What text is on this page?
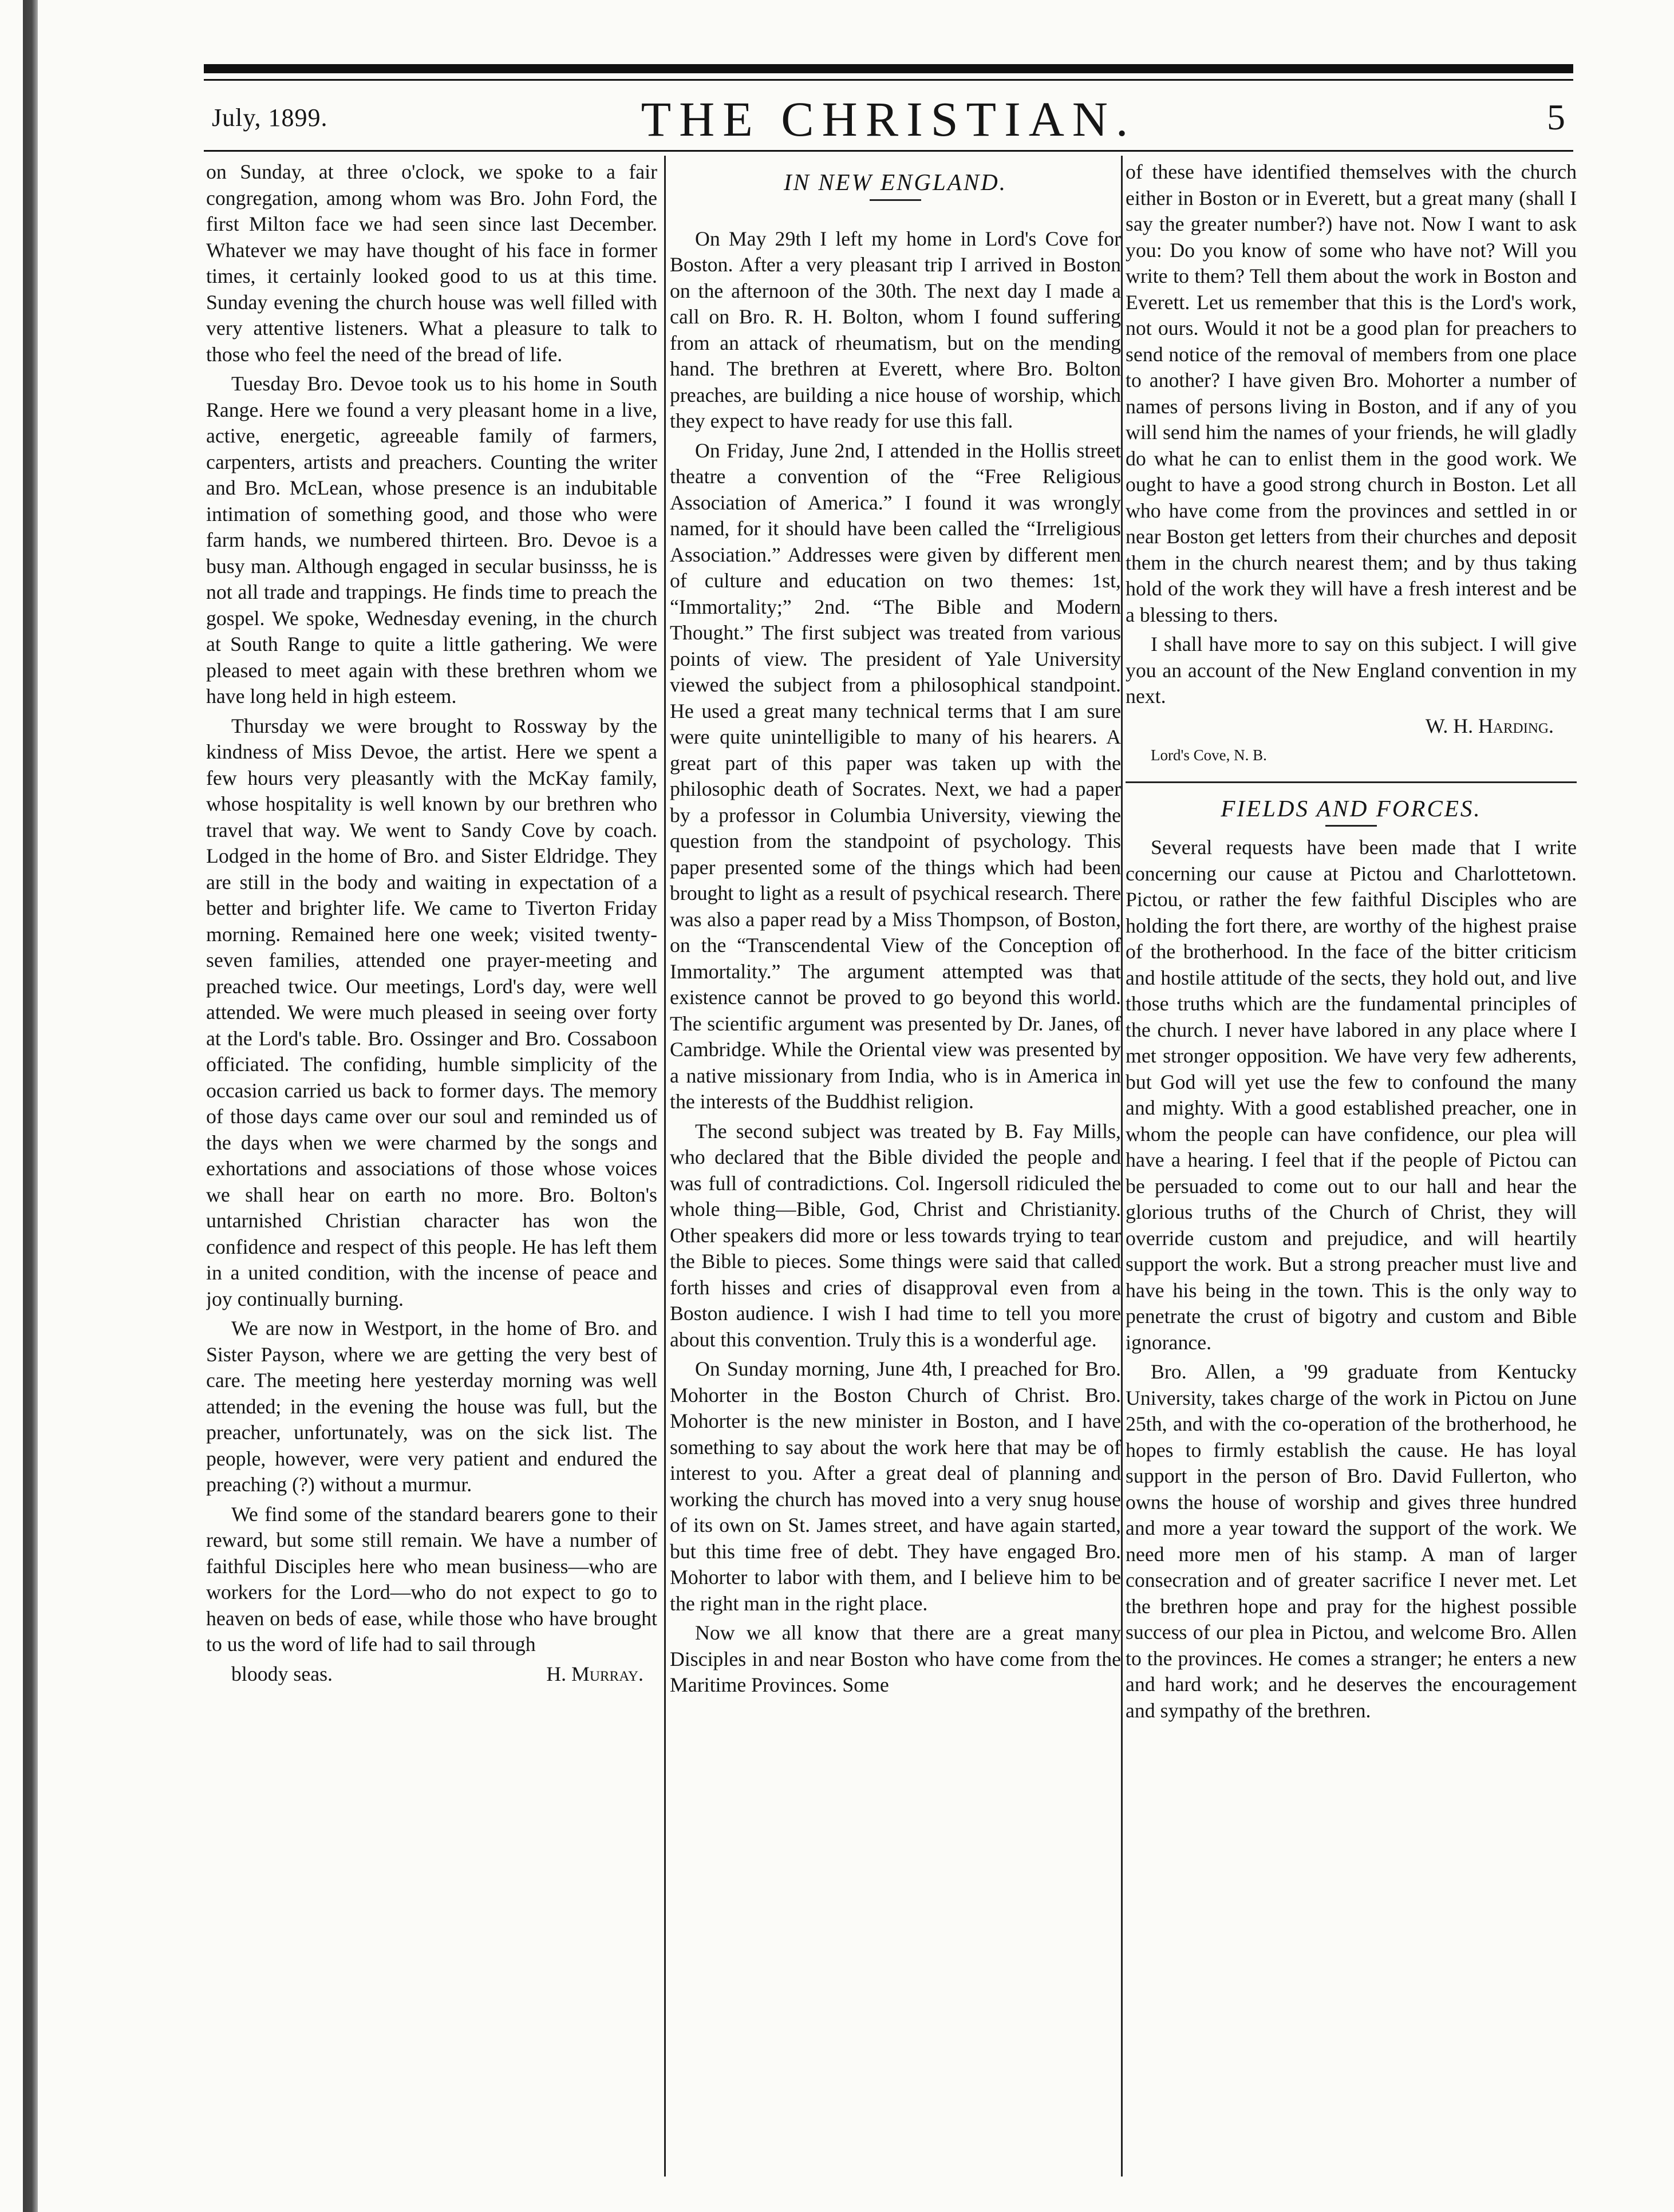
July, 1899.	THE CHRISTIAN.	5

on Sunday, at three o'clock, we spoke to a fair congregation, among whom was Bro. John Ford, the first Milton face we had seen since last December. Whatever we may have thought of his face in former times, it certainly looked good to us at this time. Sunday evening the church house was well filled with very attentive listeners. What a pleasure to talk to those who feel the need of the bread of life.

Tuesday Bro. Devoe took us to his home in South Range. Here we found a very pleasant home in a live, active, energetic, agreeable family of farmers, carpenters, artists and preachers. Counting the writer and Bro. McLean, whose presence is an indubitable intimation of something good, and those who were farm hands, we numbered thirteen. Bro. Devoe is a busy man. Although engaged in secular businsss, he is not all trade and trappings. He finds time to preach the gospel. We spoke, Wednesday evening, in the church at South Range to quite a little gathering. We were pleased to meet again with these brethren whom we have long held in high esteem.

Thursday we were brought to Rossway by the kindness of Miss Devoe, the artist. Here we spent a few hours very pleasantly with the McKay family, whose hospitality is well known by our brethren who travel that way. We went to Sandy Cove by coach. Lodged in the home of Bro. and Sister Eldridge. They are still in the body and waiting in expectation of a better and brighter life. We came to Tiverton Friday morning. Remained here one week; visited twenty-seven families, attended one prayer-meeting and preached twice. Our meetings, Lord's day, were well attended. We were much pleased in seeing over forty at the Lord's table. Bro. Ossinger and Bro. Cossaboon officiated. The confiding, humble simplicity of the occasion carried us back to former days. The memory of those days came over our soul and reminded us of the days when we were charmed by the songs and exhortations and associations of those whose voices we shall hear on earth no more. Bro. Bolton's untarnished Christian character has won the confidence and respect of this people. He has left them in a united condition, with the incense of peace and joy continually burning.

We are now in Westport, in the home of Bro. and Sister Payson, where we are getting the very best of care. The meeting here yesterday morning was well attended; in the evening the house was full, but the preacher, unfortunately, was on the sick list. The people, however, were very patient and endured the preaching (?) without a murmur.

We find some of the standard bearers gone to their reward, but some still remain. We have a number of faithful Disciples here who mean business—who are workers for the Lord—who do not expect to go to heaven on beds of ease, while those who have brought to us the word of life had to sail through

bloody seas.	H. Murray.

IN NEW ENGLAND.

On May 29th I left my home in Lord's Cove for Boston. After a very pleasant trip I arrived in Boston on the afternoon of the 30th. The next day I made a call on Bro. R. H. Bolton, whom I found suffering from an attack of rheumatism, but on the mending hand. The brethren at Everett, where Bro. Bolton preaches, are building a nice house of worship, which they expect to have ready for use this fall.

On Friday, June 2nd, I attended in the Hollis street theatre a convention of the “Free Religious Association of America.” I found it was wrongly named, for it should have been called the “Irreligious Association.” Addresses were given by different men of culture and education on two themes: 1st, “Immortality;” 2nd. “The Bible and Modern Thought.” The first subject was treated from various points of view. The president of Yale University viewed the subject from a philosophical standpoint. He used a great many technical terms that I am sure were quite unintelligible to many of his hearers. A great part of this paper was taken up with the philosophic death of Socrates. Next, we had a paper by a professor in Columbia University, viewing the question from the standpoint of psychology. This paper presented some of the things which had been brought to light as a result of psychical research. There was also a paper read by a Miss Thompson, of Boston, on the “Transcendental View of the Conception of Immortality.” The argument attempted was that existence cannot be proved to go beyond this world. The scientific argument was presented by Dr. Janes, of Cambridge. While the Oriental view was presented by a native missionary from India, who is in America in the interests of the Buddhist religion.

The second subject was treated by B. Fay Mills, who declared that the Bible divided the people and was full of contradictions. Col. Ingersoll ridiculed the whole thing—Bible, God, Christ and Christianity. Other speakers did more or less towards trying to tear the Bible to pieces. Some things were said that called forth hisses and cries of disapproval even from a Boston audience. I wish I had time to tell you more about this convention. Truly this is a wonderful age.

On Sunday morning, June 4th, I preached for Bro. Mohorter in the Boston Church of Christ. Bro. Mohorter is the new minister in Boston, and I have something to say about the work here that may be of interest to you. After a great deal of planning and working the church has moved into a very snug house of its own on St. James street, and have again started, but this time free of debt. They have engaged Bro. Mohorter to labor with them, and I believe him to be the right man in the right place.

Now we all know that there are a great many Disciples in and near Boston who have come from the Maritime Provinces. Some

of these have identified themselves with the church either in Boston or in Everett, but a great many (shall I say the greater number?) have not. Now I want to ask you: Do you know of some who have not? Will you write to them? Tell them about the work in Boston and Everett. Let us remember that this is the Lord's work, not ours. Would it not be a good plan for preachers to send notice of the removal of members from one place to another? I have given Bro. Mohorter a number of names of persons living in Boston, and if any of you will send him the names of your friends, he will gladly do what he can to enlist them in the good work. We ought to have a good strong church in Boston. Let all who have come from the provinces and settled in or near Boston get letters from their churches and deposit them in the church nearest them; and by thus taking hold of the work they will have a fresh interest and be a blessing to thers.

I shall have more to say on this subject. I will give you an account of the New England convention in my next.

W. H. Harding.

Lord's Cove, N. B.

FIELDS AND FORCES.

Several requests have been made that I write concerning our cause at Pictou and Charlottetown. Pictou, or rather the few faithful Disciples who are holding the fort there, are worthy of the highest praise of the brotherhood. In the face of the bitter criticism and hostile attitude of the sects, they hold out, and live those truths which are the fundamental principles of the church. I never have labored in any place where I met stronger opposition. We have very few adherents, but God will yet use the few to confound the many and mighty. With a good established preacher, one in whom the people can have confidence, our plea will have a hearing. I feel that if the people of Pictou can be persuaded to come out to our hall and hear the glorious truths of the Church of Christ, they will override custom and prejudice, and will heartily support the work. But a strong preacher must live and have his being in the town. This is the only way to penetrate the crust of bigotry and custom and Bible ignorance.

Bro. Allen, a '99 graduate from Kentucky University, takes charge of the work in Pictou on June 25th, and with the co-operation of the brotherhood, he hopes to firmly establish the cause. He has loyal support in the person of Bro. David Fullerton, who owns the house of worship and gives three hundred and more a year toward the support of the work. We need more men of his stamp. A man of larger consecration and of greater sacrifice I never met. Let the brethren hope and pray for the highest possible success of our plea in Pictou, and welcome Bro. Allen to the provinces. He comes a stranger; he enters a new and hard work; and he deserves the encouragement and sympathy of the brethren.
